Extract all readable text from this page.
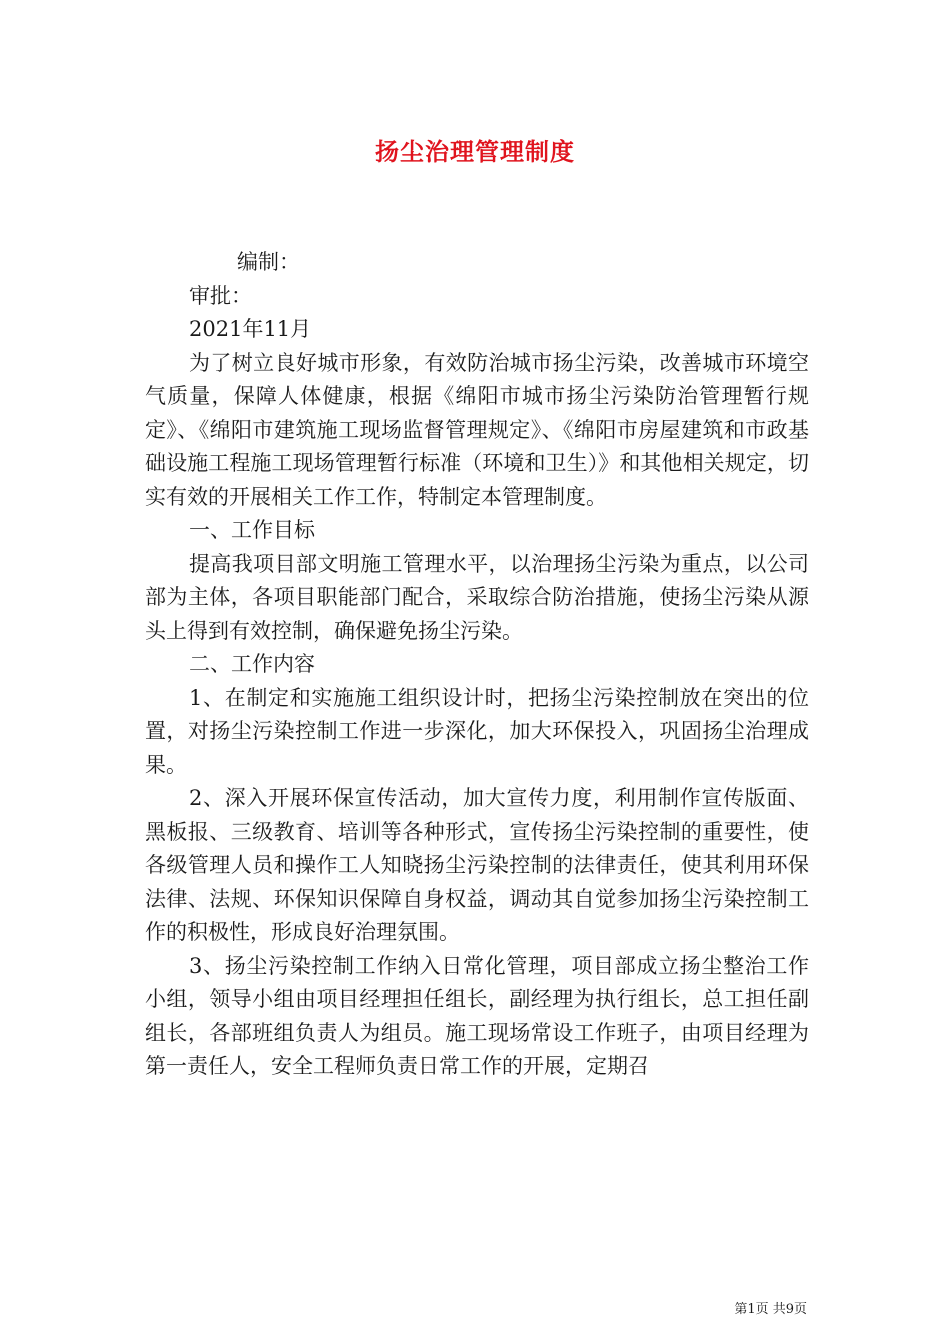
扬尘治理管理制度

编制：

审批：

2021年11月

为了树立良好城市形象，有效防治城市扬尘污染，改善城市环境空气质量，保障人体健康，根据《绵阳市城市扬尘污染防治管理暂行规定》、《绵阳市建筑施工现场监督管理规定》、《绵阳市房屋建筑和市政基础设施工程施工现场管理暂行标准（环境和卫生）》和其他相关规定，切实有效的开展相关工作工作，特制定本管理制度。

一、工作目标

提高我项目部文明施工管理水平，以治理扬尘污染为重点，以公司部为主体，各项目职能部门配合，采取综合防治措施，使扬尘污染从源头上得到有效控制，确保避免扬尘污染。

二、工作内容

1、在制定和实施施工组织设计时，把扬尘污染控制放在突出的位置，对扬尘污染控制工作进一步深化，加大环保投入，巩固扬尘治理成果。

2、深入开展环保宣传活动，加大宣传力度，利用制作宣传版面、黑板报、三级教育、培训等各种形式，宣传扬尘污染控制的重要性，使各级管理人员和操作工人知晓扬尘污染控制的法律责任，使其利用环保法律、法规、环保知识保障自身权益，调动其自觉参加扬尘污染控制工作的积极性，形成良好治理氛围。

3、扬尘污染控制工作纳入日常化管理，项目部成立扬尘整治工作小组，领导小组由项目经理担任组长，副经理为执行组长，总工担任副组长，各部班组负责人为组员。施工现场常设工作班子，由项目经理为第一责任人，安全工程师负责日常工作的开展，定期召

第1页 共9页
